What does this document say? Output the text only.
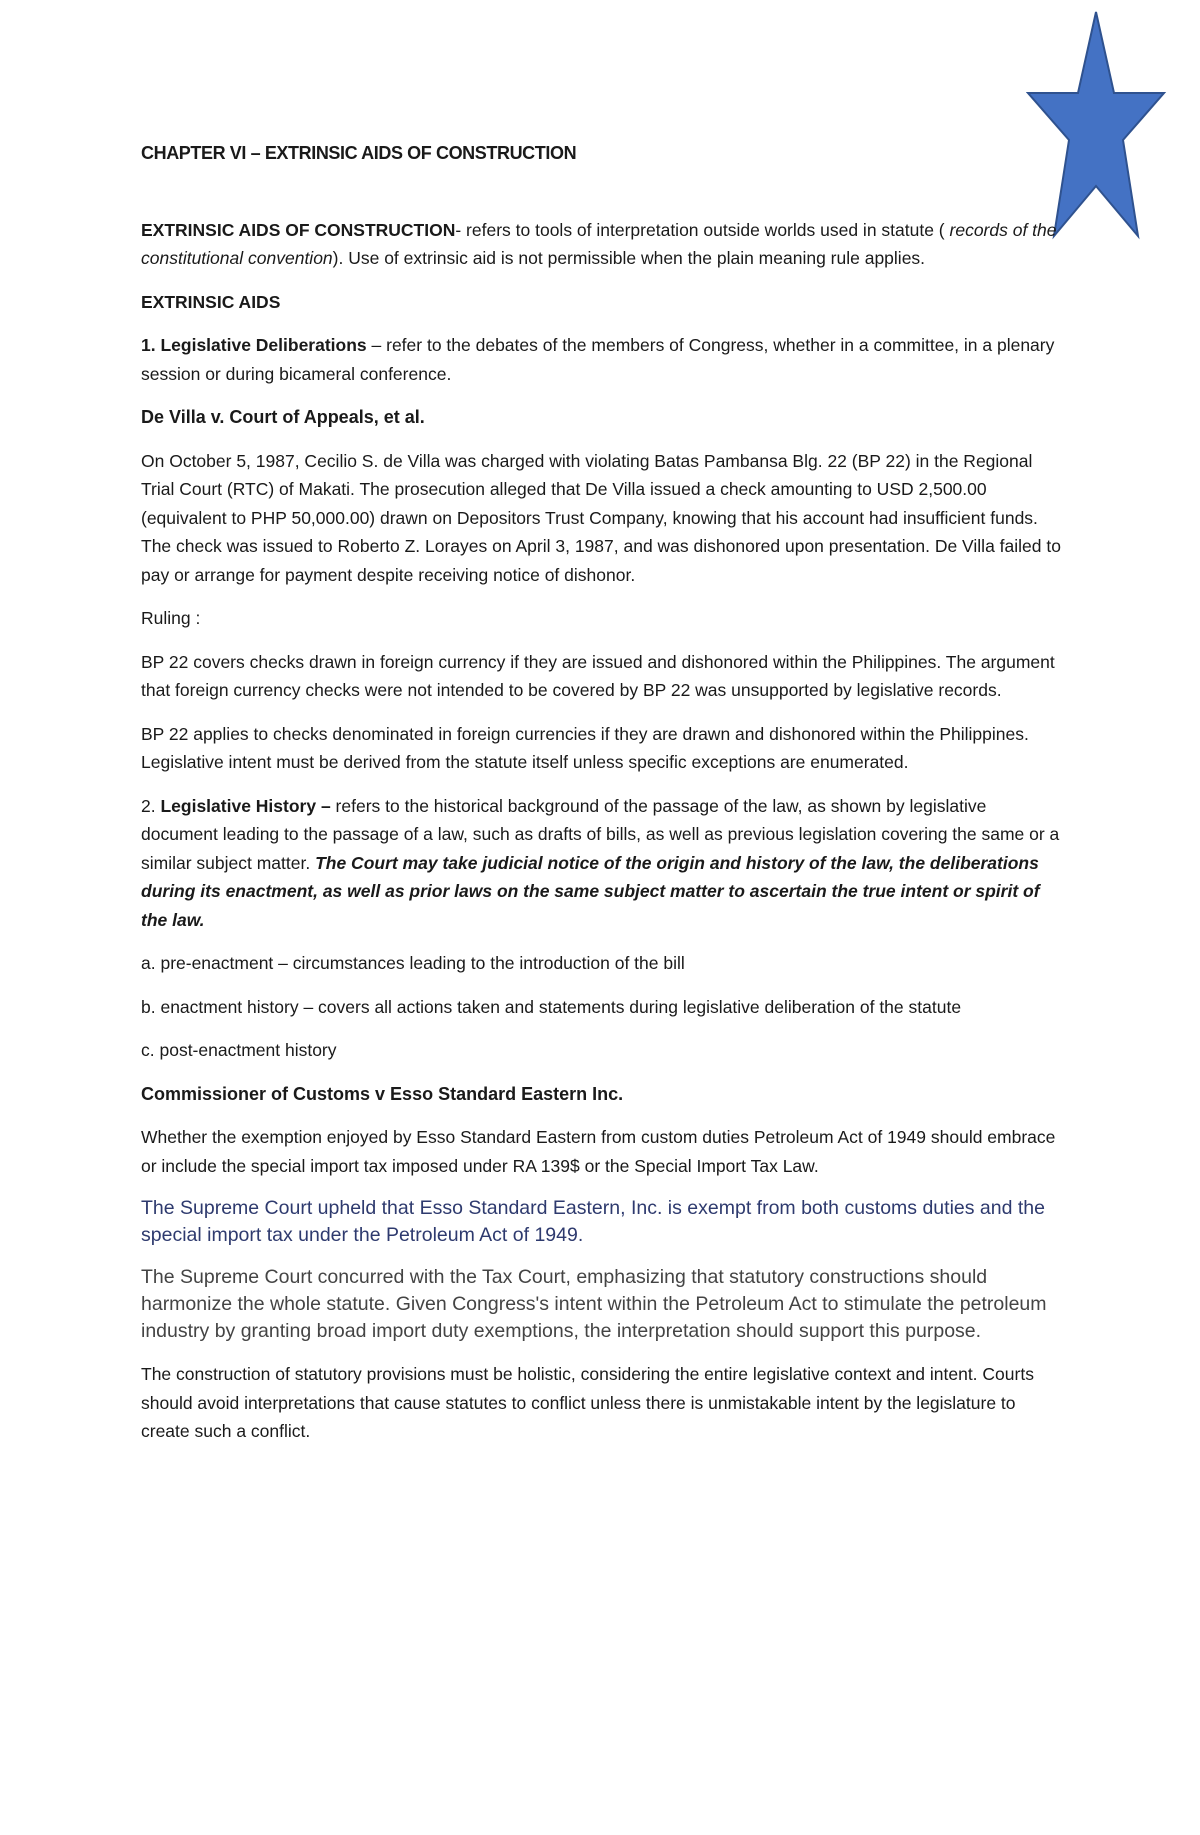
CHAPTER VI – EXTRINSIC AIDS OF CONSTRUCTION

EXTRINSIC AIDS OF CONSTRUCTION- refers to tools of interpretation outside worlds used in statute ( records of the constitutional convention). Use of extrinsic aid is not permissible when the plain meaning rule applies.

EXTRINSIC AIDS

1. Legislative Deliberations – refer to the debates of the members of Congress, whether in a committee, in a plenary session or during bicameral conference.

De Villa v. Court of Appeals, et al.

On October 5, 1987, Cecilio S. de Villa was charged with violating Batas Pambansa Blg. 22 (BP 22) in the Regional Trial Court (RTC) of Makati. The prosecution alleged that De Villa issued a check amounting to USD 2,500.00 (equivalent to PHP 50,000.00) drawn on Depositors Trust Company, knowing that his account had insufficient funds. The check was issued to Roberto Z. Lorayes on April 3, 1987, and was dishonored upon presentation. De Villa failed to pay or arrange for payment despite receiving notice of dishonor.

Ruling :

BP 22 covers checks drawn in foreign currency if they are issued and dishonored within the Philippines. The argument that foreign currency checks were not intended to be covered by BP 22 was unsupported by legislative records.

BP 22 applies to checks denominated in foreign currencies if they are drawn and dishonored within the Philippines. Legislative intent must be derived from the statute itself unless specific exceptions are enumerated.

2. Legislative History – refers to the historical background of the passage of the law, as shown by legislative document leading to the passage of a law, such as drafts of bills, as well as previous legislation covering the same or a similar subject matter. The Court may take judicial notice of the origin and history of the law, the deliberations during its enactment, as well as prior laws on the same subject matter to ascertain the true intent or spirit of the law.

a. pre-enactment – circumstances leading to the introduction of the bill

b. enactment history – covers all actions taken and statements during legislative deliberation of the statute

c. post-enactment history

Commissioner of Customs v Esso Standard Eastern Inc.

Whether the exemption enjoyed by Esso Standard Eastern from custom duties Petroleum Act of 1949 should embrace or include the special import tax imposed under RA 139$ or the Special Import Tax Law.

The Supreme Court upheld that Esso Standard Eastern, Inc. is exempt from both customs duties and the special import tax under the Petroleum Act of 1949.

The Supreme Court concurred with the Tax Court, emphasizing that statutory constructions should harmonize the whole statute. Given Congress's intent within the Petroleum Act to stimulate the petroleum industry by granting broad import duty exemptions, the interpretation should support this purpose.

The construction of statutory provisions must be holistic, considering the entire legislative context and intent. Courts should avoid interpretations that cause statutes to conflict unless there is unmistakable intent by the legislature to create such a conflict.
